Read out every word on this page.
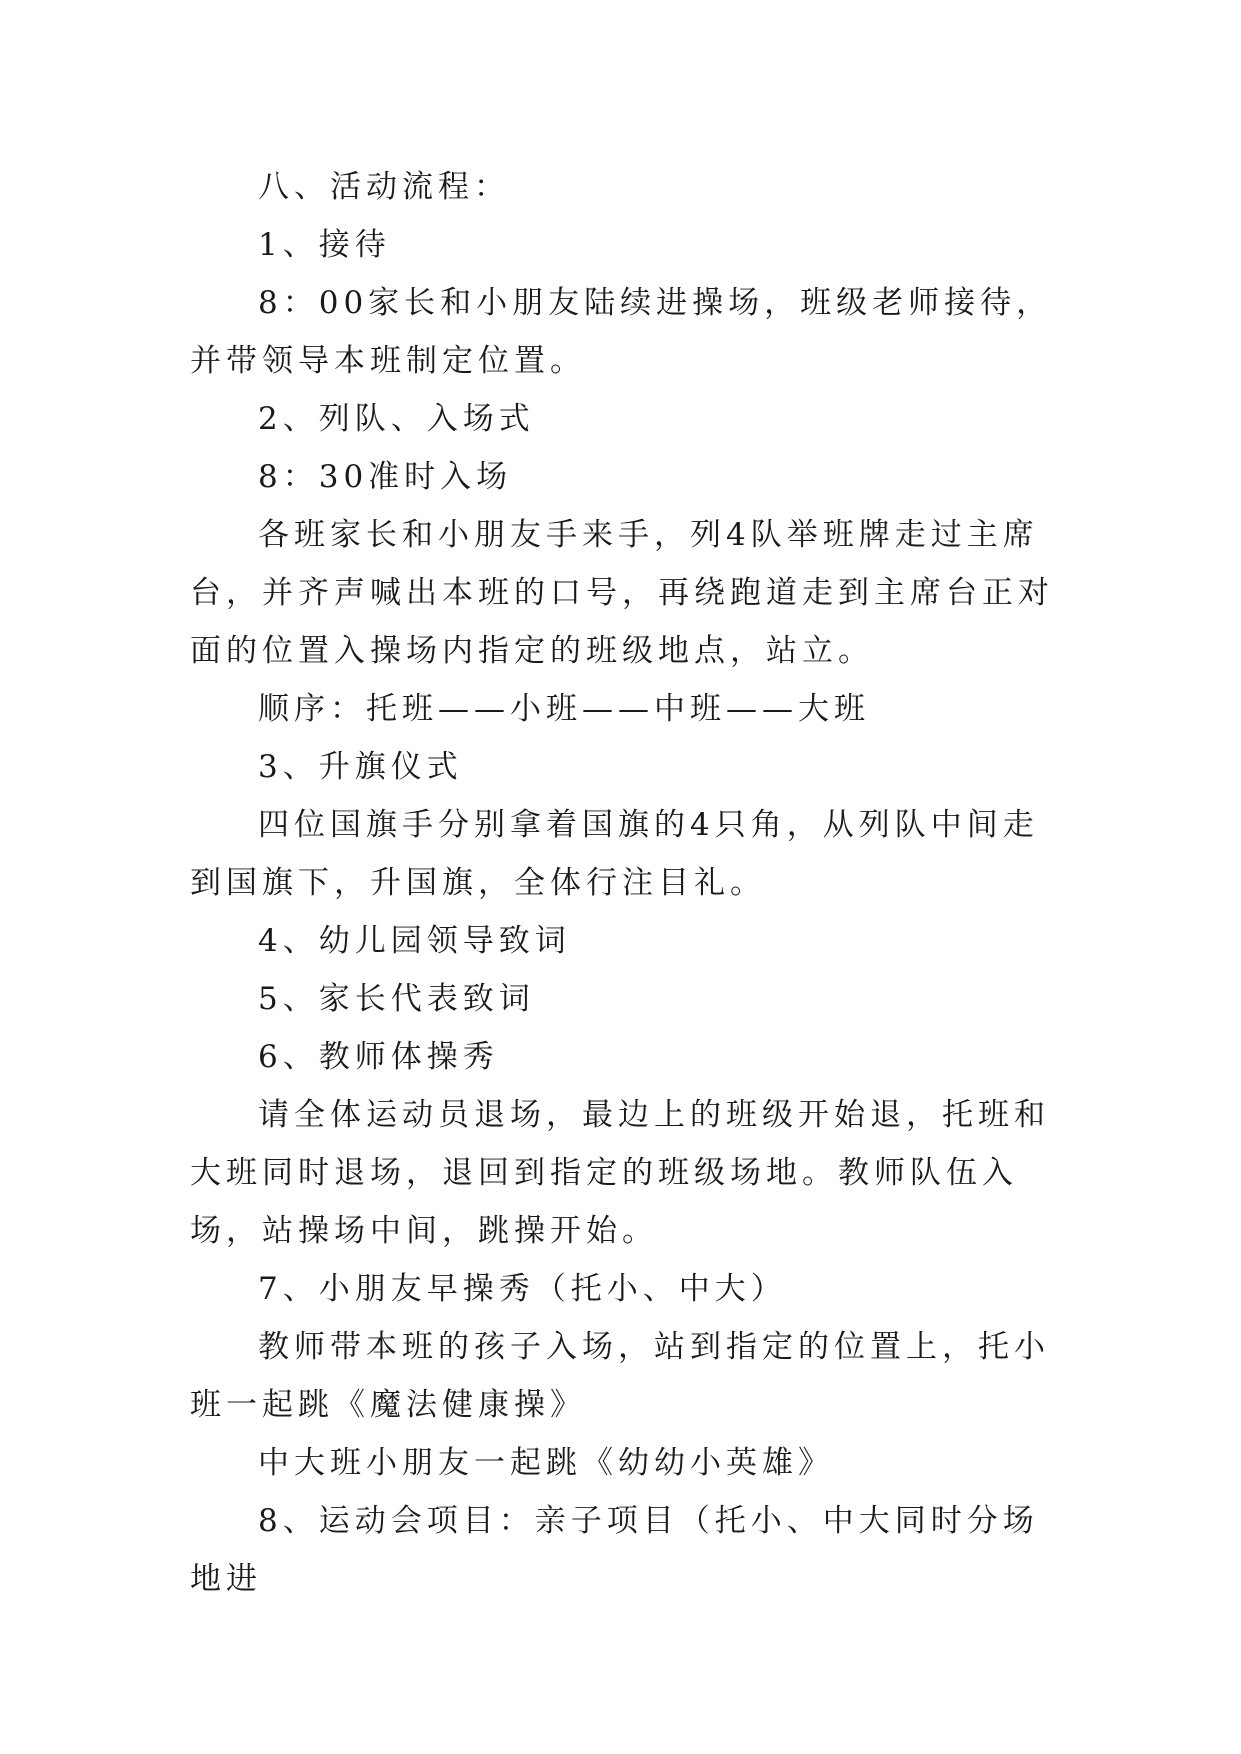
八、活动流程：

1、接待

8：00家长和小朋友陆续进操场，班级老师接待，并带领导本班制定位置。

2、列队、入场式

8：30准时入场

各班家长和小朋友手来手，列4队举班牌走过主席台，并齐声喊出本班的口号，再绕跑道走到主席台正对面的位置入操场内指定的班级地点，站立。

顺序：托班——小班——中班——大班

3、升旗仪式

四位国旗手分别拿着国旗的4只角，从列队中间走到国旗下，升国旗，全体行注目礼。

4、幼儿园领导致词

5、家长代表致词

6、教师体操秀

请全体运动员退场，最边上的班级开始退，托班和大班同时退场，退回到指定的班级场地。教师队伍入场，站操场中间，跳操开始。

7、小朋友早操秀（托小、中大）

教师带本班的孩子入场，站到指定的位置上，托小班一起跳《魔法健康操》

中大班小朋友一起跳《幼幼小英雄》

8、运动会项目：亲子项目（托小、中大同时分场地进
